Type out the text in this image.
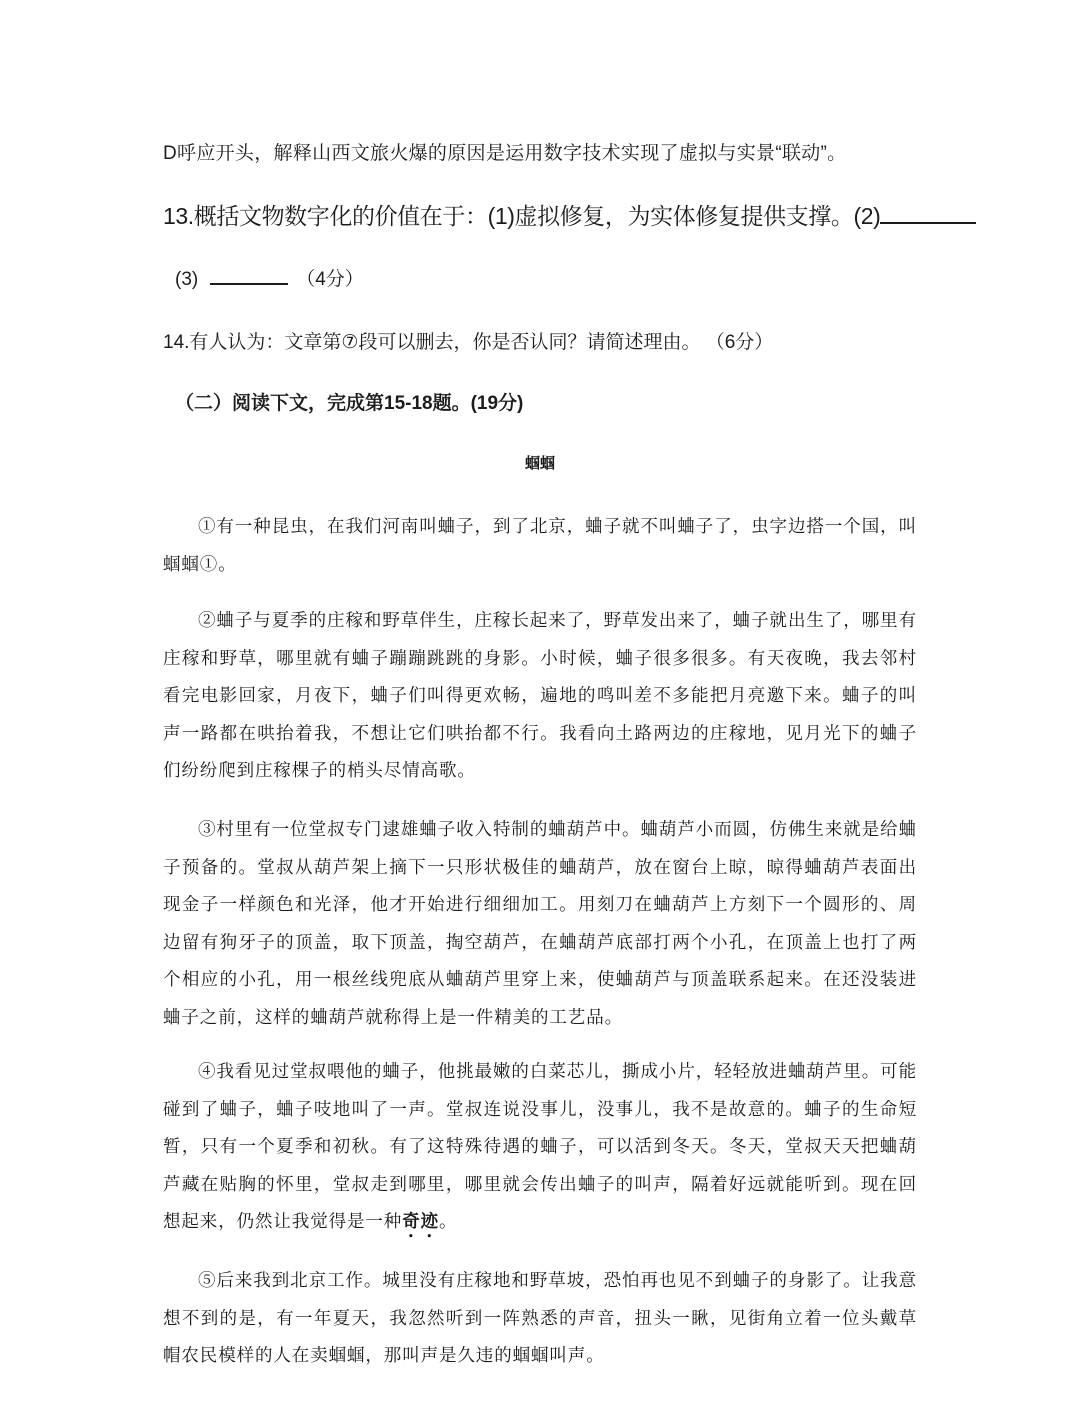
D呼应开头，解释山西文旅火爆的原因是运用数字技术实现了虚拟与实景“联动”。
13.概括文物数字化的价值在于：(1)虚拟修复，为实体修复提供支撑。(2)
(3)	（4分）
14.有人认为：文章第⑦段可以删去，你是否认同？请简述理由。 （6分）
（二）阅读下文，完成第15-18题。(19分)
蝈蝈

①有一种昆虫，在我们河南叫蛐子，到了北京，蛐子就不叫蛐子了，虫字边搭一个国，叫蝈蝈①。

②蛐子与夏季的庄稼和野草伴生，庄稼长起来了，野草发出来了，蛐子就出生了，哪里有庄稼和野草，哪里就有蛐子蹦蹦跳跳的身影。小时候，蛐子很多很多。有天夜晚，我去邻村看完电影回家，月夜下，蛐子们叫得更欢畅，遍地的鸣叫差不多能把月亮邀下来。蛐子的叫声一路都在哄抬着我，不想让它们哄抬都不行。我看向土路两边的庄稼地，见月光下的蛐子们纷纷爬到庄稼棵子的梢头尽情高歌。

③村里有一位堂叔专门逮雄蛐子收入特制的蛐葫芦中。蛐葫芦小而圆，仿佛生来就是给蛐子预备的。堂叔从葫芦架上摘下一只形状极佳的蛐葫芦，放在窗台上晾，晾得蛐葫芦表面出现金子一样颜色和光泽，他才开始进行细细加工。用刻刀在蛐葫芦上方刻下一个圆形的、周边留有狗牙子的顶盖，取下顶盖，掏空葫芦，在蛐葫芦底部打两个小孔，在顶盖上也打了两个相应的小孔，用一根丝线兜底从蛐葫芦里穿上来，使蛐葫芦与顶盖联系起来。在还没装进蛐子之前，这样的蛐葫芦就称得上是一件精美的工艺品。

④我看见过堂叔喂他的蛐子，他挑最嫩的白菜芯儿，撕成小片，轻轻放进蛐葫芦里。可能碰到了蛐子，蛐子吱地叫了一声。堂叔连说没事儿，没事儿，我不是故意的。蛐子的生命短暂，只有一个夏季和初秋。有了这特殊待遇的蛐子，可以活到冬天。冬天，堂叔天天把蛐葫芦藏在贴胸的怀里，堂叔走到哪里，哪里就会传出蛐子的叫声，隔着好远就能听到。现在回想起来，仍然让我觉得是一种奇迹。

⑤后来我到北京工作。城里没有庄稼地和野草坡，恐怕再也见不到蛐子的身影了。让我意想不到的是，有一年夏天，我忽然听到一阵熟悉的声音，扭头一瞅，见街角立着一位头戴草帽农民模样的人在卖蝈蝈，那叫声是久违的蝈蝈叫声。
